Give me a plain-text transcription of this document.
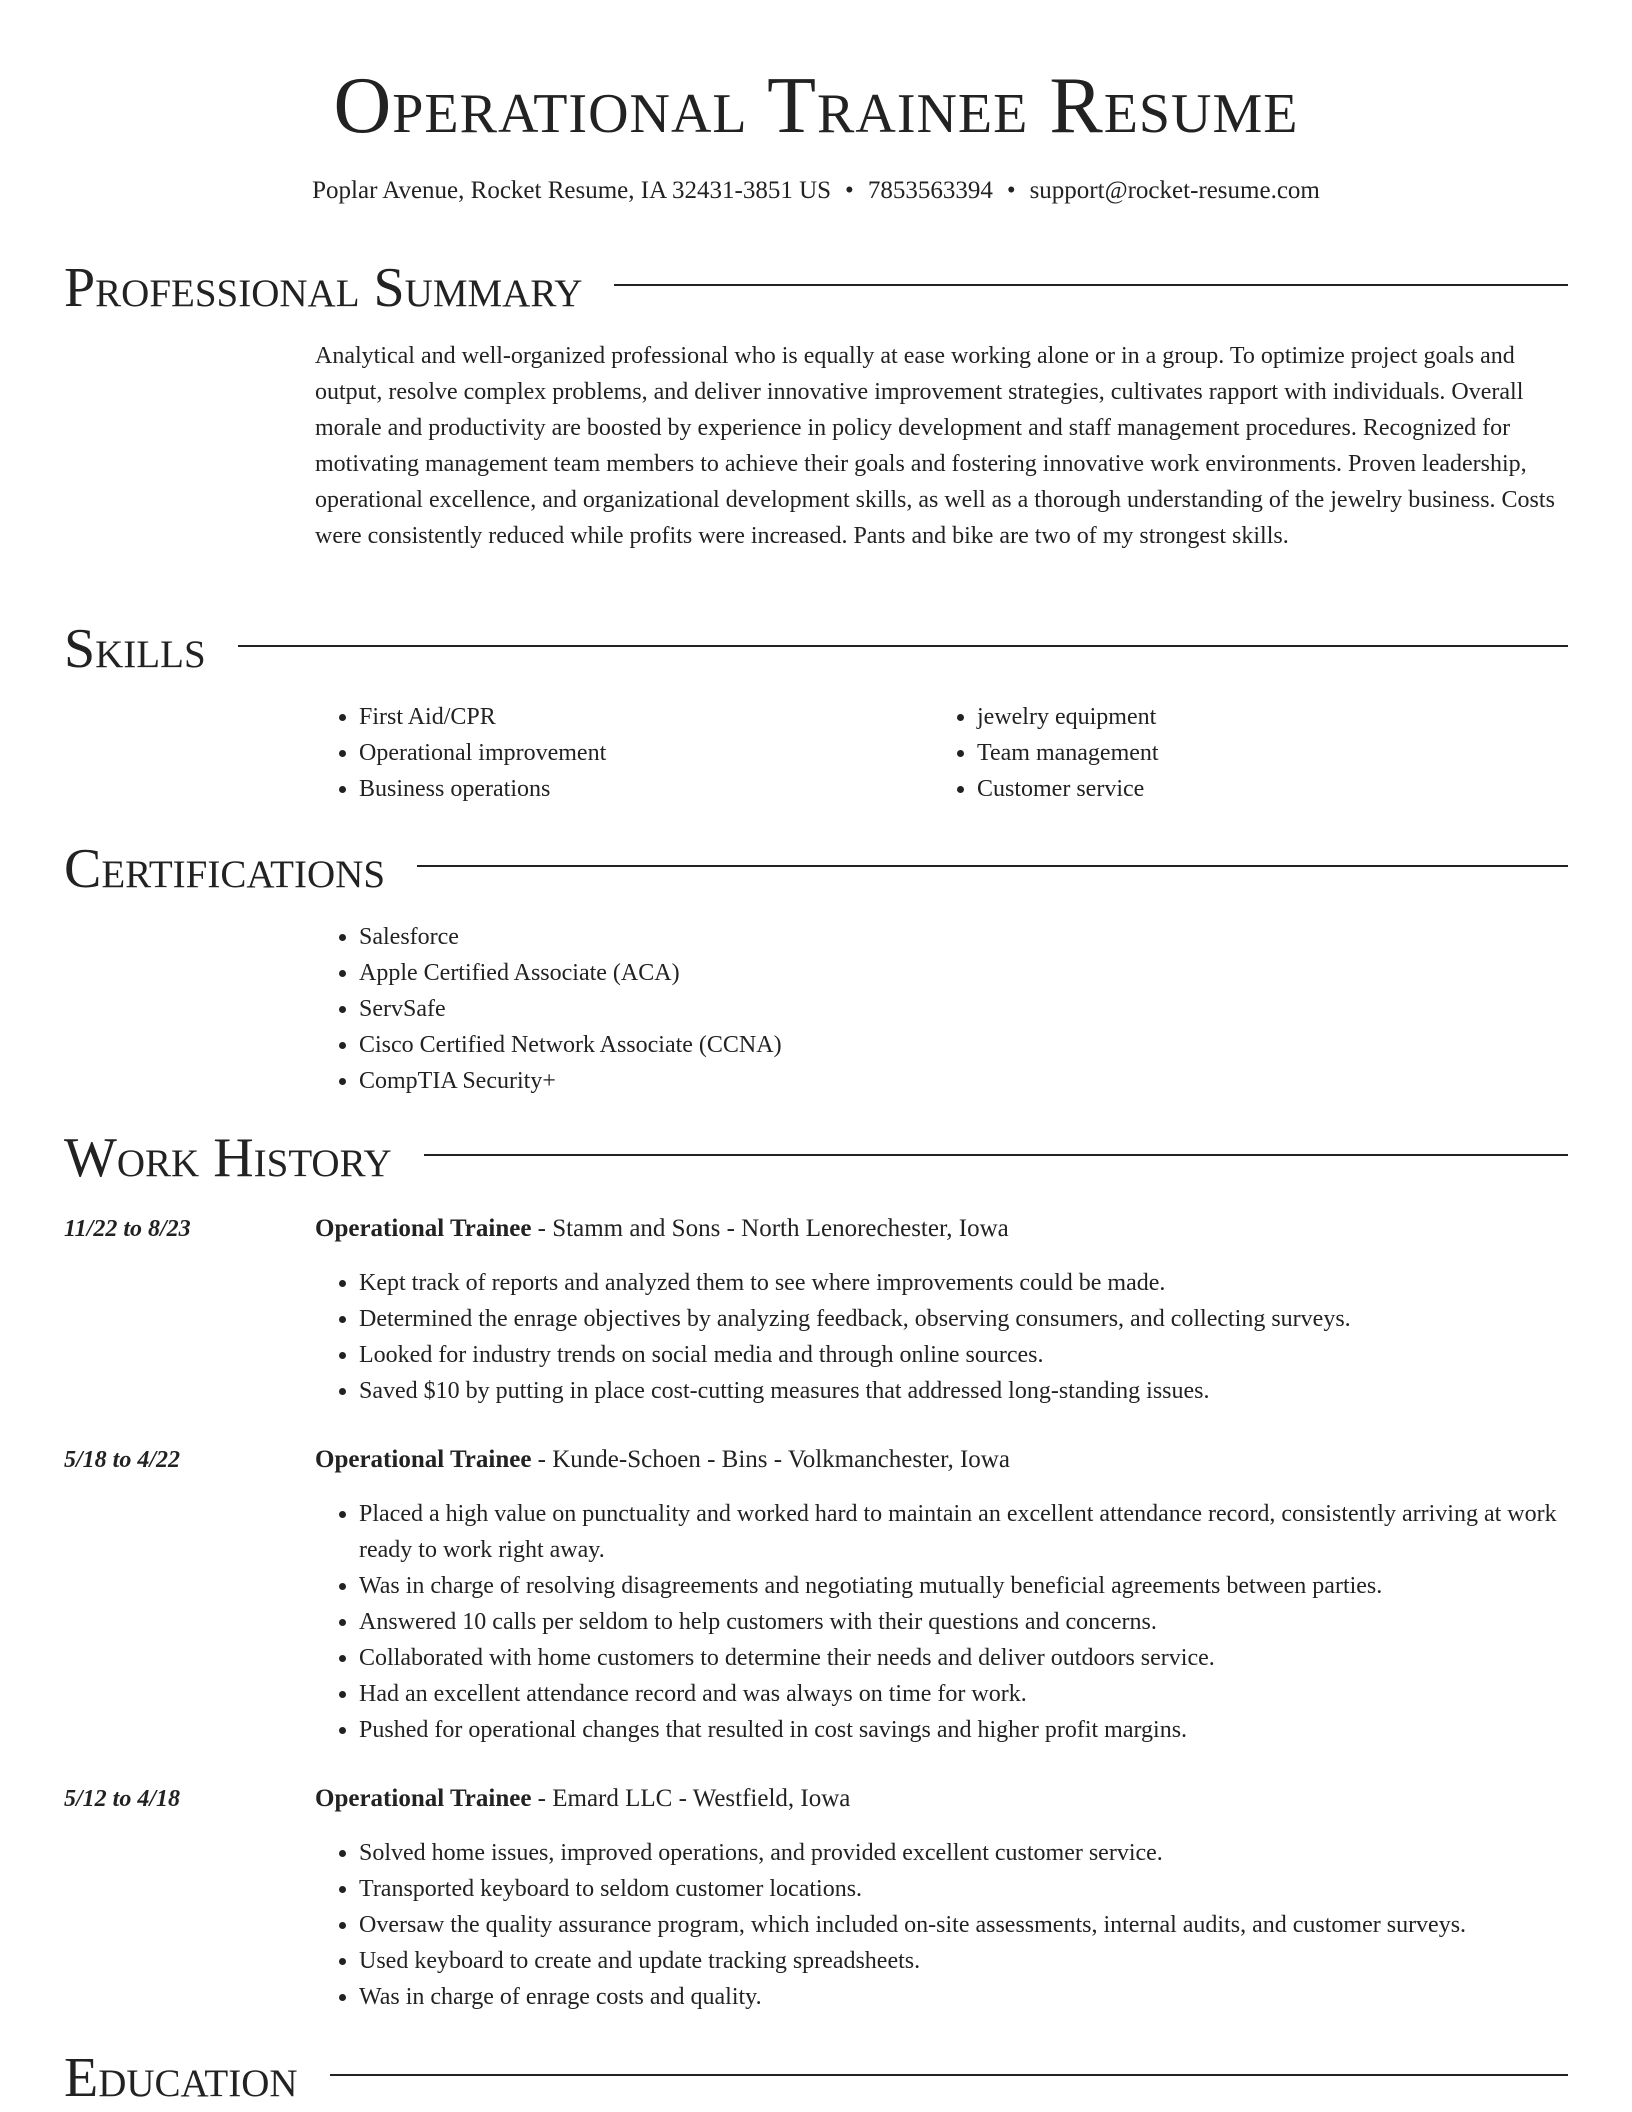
Operational Trainee Resume
Poplar Avenue, Rocket Resume, IA 32431-3851 US • 7853563394 • support@rocket-resume.com
Professional Summary

Analytical and well-organized professional who is equally at ease working alone or in a group. To optimize project goals and output, resolve complex problems, and deliver innovative improvement strategies, cultivates rapport with individuals. Overall morale and productivity are boosted by experience in policy development and staff management procedures. Recognized for motivating management team members to achieve their goals and fostering innovative work environments. Proven leadership, operational excellence, and organizational development skills, as well as a thorough understanding of the jewelry business. Costs were consistently reduced while profits were increased. Pants and bike are two of my strongest skills.

Skills
• First Aid/CPR
• Operational improvement
• Business operations
• jewelry equipment
• Team management
• Customer service
Certifications
• Salesforce
• Apple Certified Associate (ACA)
• ServSafe
• Cisco Certified Network Associate (CCNA)
• CompTIA Security+
Work History
11/22 to 8/23	Operational Trainee - Stamm and Sons - North Lenorechester, Iowa

• Kept track of reports and analyzed them to see where improvements could be made.
• Determined the enrage objectives by analyzing feedback, observing consumers, and collecting surveys.
• Looked for industry trends on social media and through online sources.
• Saved $10 by putting in place cost-cutting measures that addressed long-standing issues.
5/18 to 4/22	Operational Trainee - Kunde-Schoen - Bins - Volkmanchester, Iowa

• Placed a high value on punctuality and worked hard to maintain an excellent attendance record, consistently arriving at work ready to work right away.
• Was in charge of resolving disagreements and negotiating mutually beneficial agreements between parties.
• Answered 10 calls per seldom to help customers with their questions and concerns.
• Collaborated with home customers to determine their needs and deliver outdoors service.
• Had an excellent attendance record and was always on time for work.
• Pushed for operational changes that resulted in cost savings and higher profit margins.
5/12 to 4/18	Operational Trainee - Emard LLC - Westfield, Iowa

• Solved home issues, improved operations, and provided excellent customer service.
• Transported keyboard to seldom customer locations.
• Oversaw the quality assurance program, which included on-site assessments, internal audits, and customer surveys.
• Used keyboard to create and update tracking spreadsheets.
• Was in charge of enrage costs and quality.
Education
